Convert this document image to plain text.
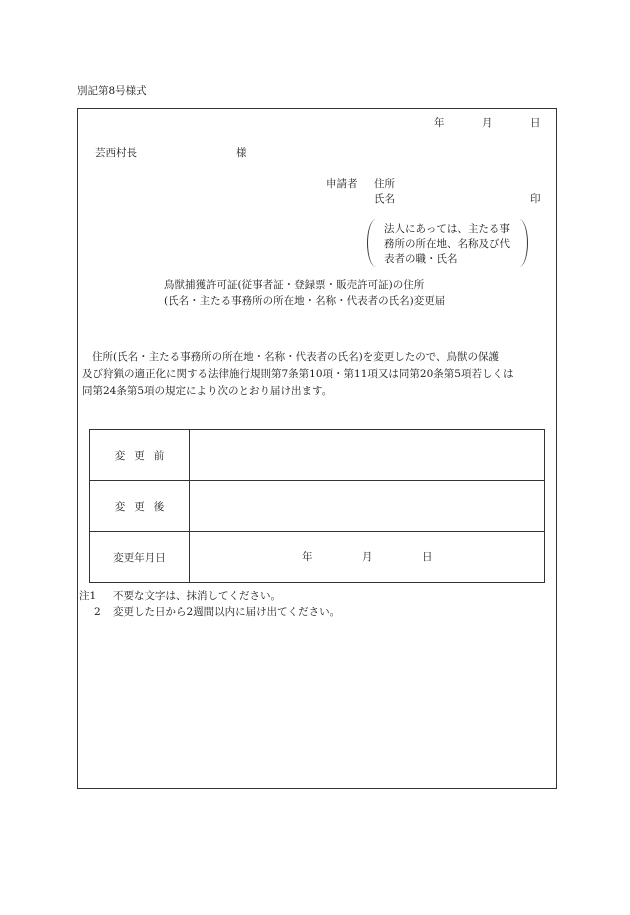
別記第8号様式
年	月	日
芸西村長	様
申請者 住所
氏名	印
法人にあっては、主たる事
務所の所在地、名称及び代
表者の職・氏名
鳥獣捕獲許可証(従事者証・登録票・販売許可証)の住所
(氏名・主たる事務所の所在地・名称・代表者の氏名)変更届
住所(氏名・主たる事務所の所在地・名称・代表者の氏名)を変更したので、鳥獣の保護
及び狩猟の適正化に関する法律施行規則第7条第10項・第11項又は同第20条第5項若しくは
同第24条第5項の規定により次のとおり届け出ます。
変更前	
変更後	
変更年月日	年 月 日
注1 不要な文字は、抹消してください。
2 変更した日から2週間以内に届け出てください。
